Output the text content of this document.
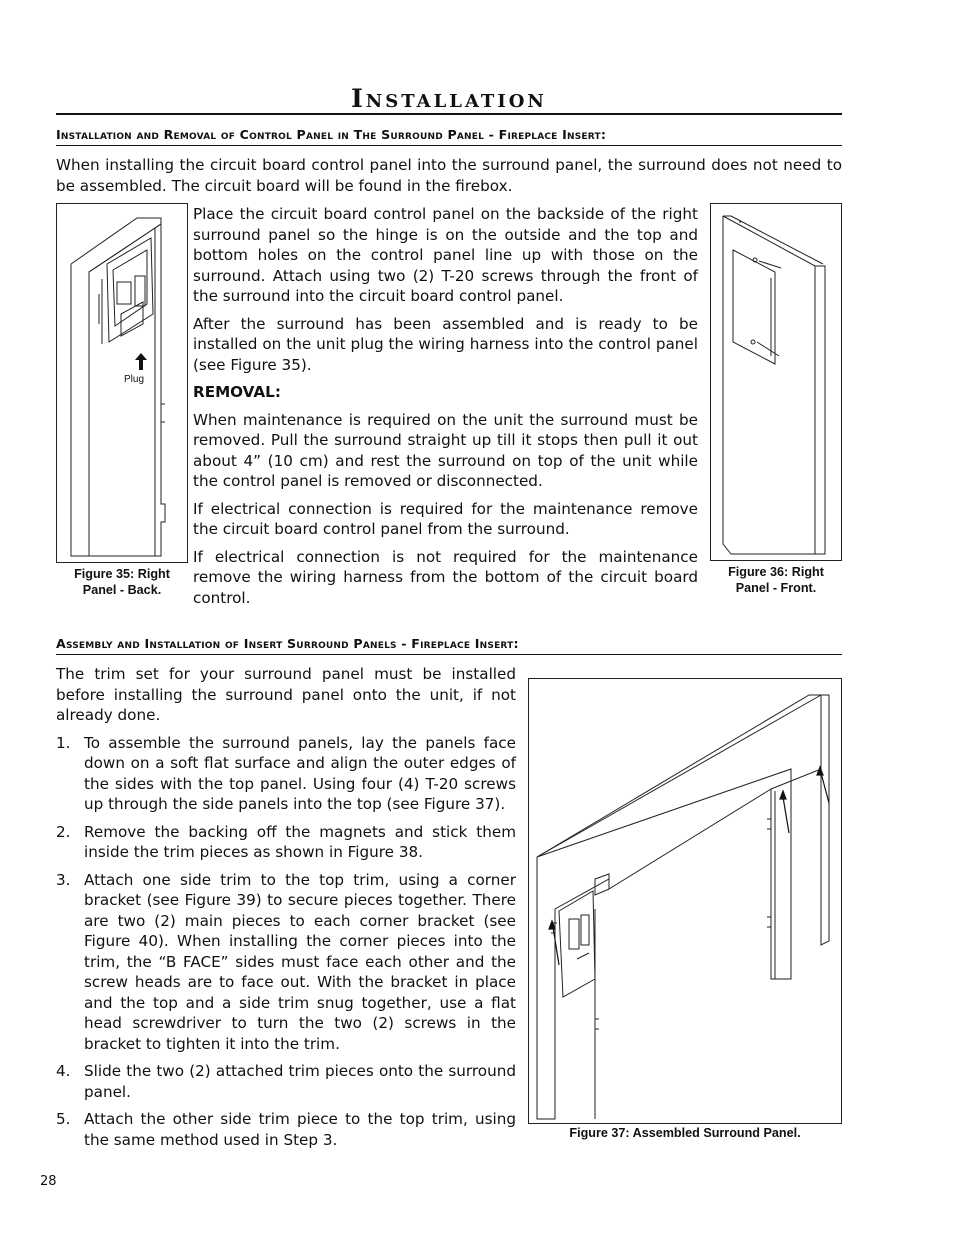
Installation
Installation and Removal of Control Panel in The Surround Panel - Fireplace Insert:

When installing the circuit board control panel into the surround panel, the surround does not need to be assembled. The circuit board will be found in the firebox.

Plug
Figure 35: Right Panel - Back.

Place the circuit board control panel on the backside of the right surround panel so the hinge is on the outside and the top and bottom holes on the control panel line up with those on the surround. Attach using two (2) T-20 screws through the front of the surround into the circuit board control panel.

After the surround has been assembled and is ready to be installed on the unit plug the wiring harness into the control panel (see Figure 35).

REMOVAL:

When maintenance is required on the unit the surround must be removed. Pull the surround straight up till it stops then pull it out about 4” (10 cm) and rest the surround on top of the unit while the control panel is removed or disconnected.

If electrical connection is required for the maintenance remove the circuit board control panel from the surround.

If electrical connection is not required for the maintenance remove the wiring harness from the bottom of the circuit board control.

Figure 36: Right Panel - Front.
Assembly and Installation of Insert Surround Panels - Fireplace Insert:

The trim set for your surround panel must be installed before installing the surround panel onto the unit, if not already done.

1. To assemble the surround panels, lay the panels face down on a soft flat surface and align the outer edges of the sides with the top panel. Using four (4) T-20 screws up through the side panels into the top (see Figure 37).
2. Remove the backing off the magnets and stick them inside the trim pieces as shown in Figure 38.
3. Attach one side trim to the top trim, using a corner bracket (see Figure 39) to secure pieces together. There are two (2) main pieces to each corner bracket (see Figure 40). When installing the corner pieces into the trim, the “B FACE” sides must face each other and the screw heads are to face out. With the bracket in place and the top and a side trim snug together, use a flat head screwdriver to turn the two (2) screws in the bracket to tighten it into the trim.
4. Slide the two (2) attached trim pieces onto the surround panel.
5. Attach the other side trim piece to the top trim, using the same method used in Step 3.	Figure 37: Assembled Surround Panel.
28
